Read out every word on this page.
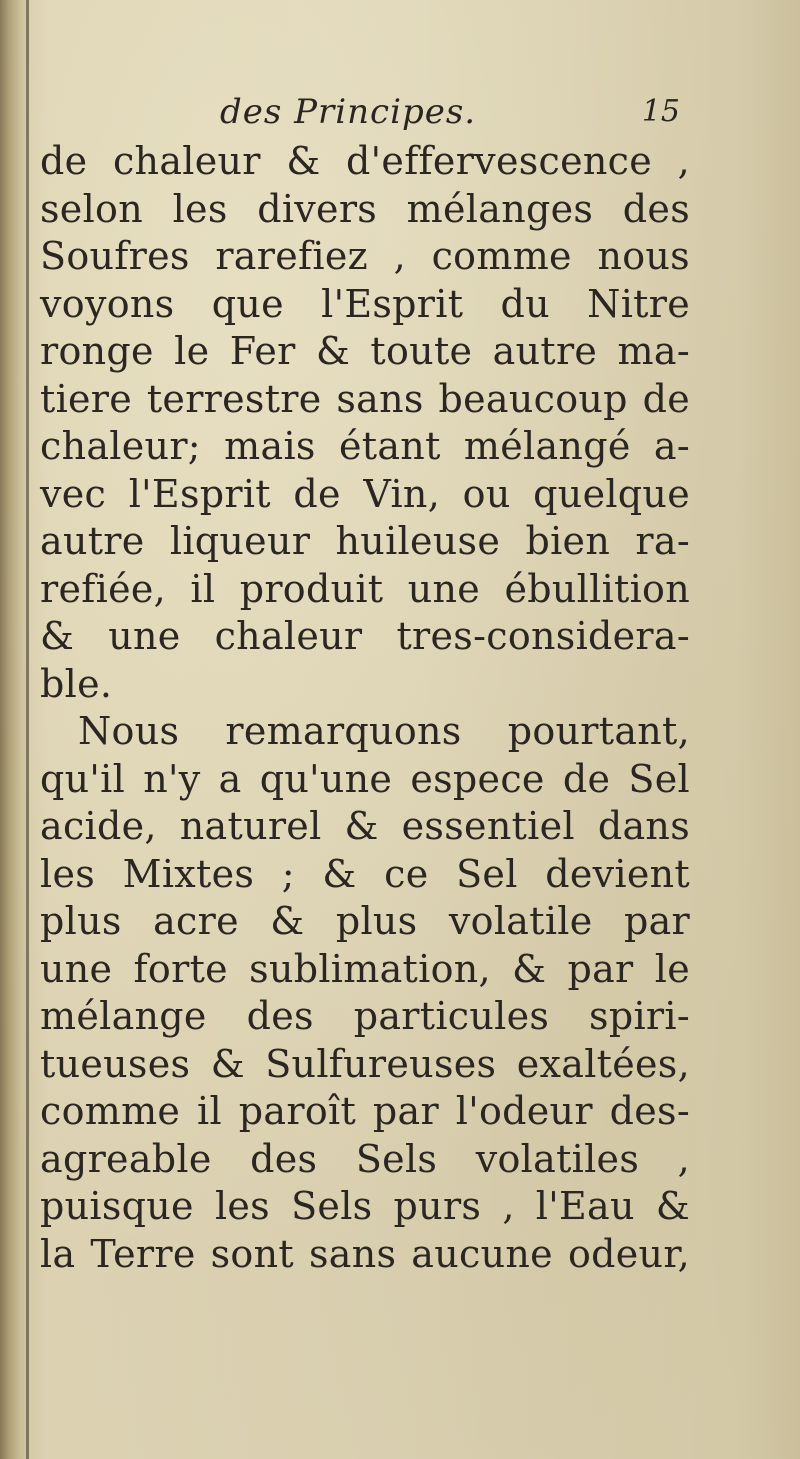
des Principes.	15
de chaleur & d'effervescence ,
selon les divers mélanges des
Soufres rarefiez , comme nous
voyons que l'Esprit du Nitre
ronge le Fer & toute autre ma-
tiere terrestre sans beaucoup de
chaleur; mais étant mélangé a-
vec l'Esprit de Vin, ou quelque
autre liqueur huileuse bien ra-
refiée, il produit une ébullition
& une chaleur tres-considera-
ble.
Nous remarquons pourtant,
qu'il n'y a qu'une espece de Sel
acide, naturel & essentiel dans
les Mixtes ; & ce Sel devient
plus acre & plus volatile par
une forte sublimation, & par le
mélange des particules spiri-
tueuses & Sulfureuses exaltées,
comme il paroît par l'odeur des-
agreable des Sels volatiles ,
puisque les Sels purs , l'Eau &
la Terre sont sans aucune odeur,
